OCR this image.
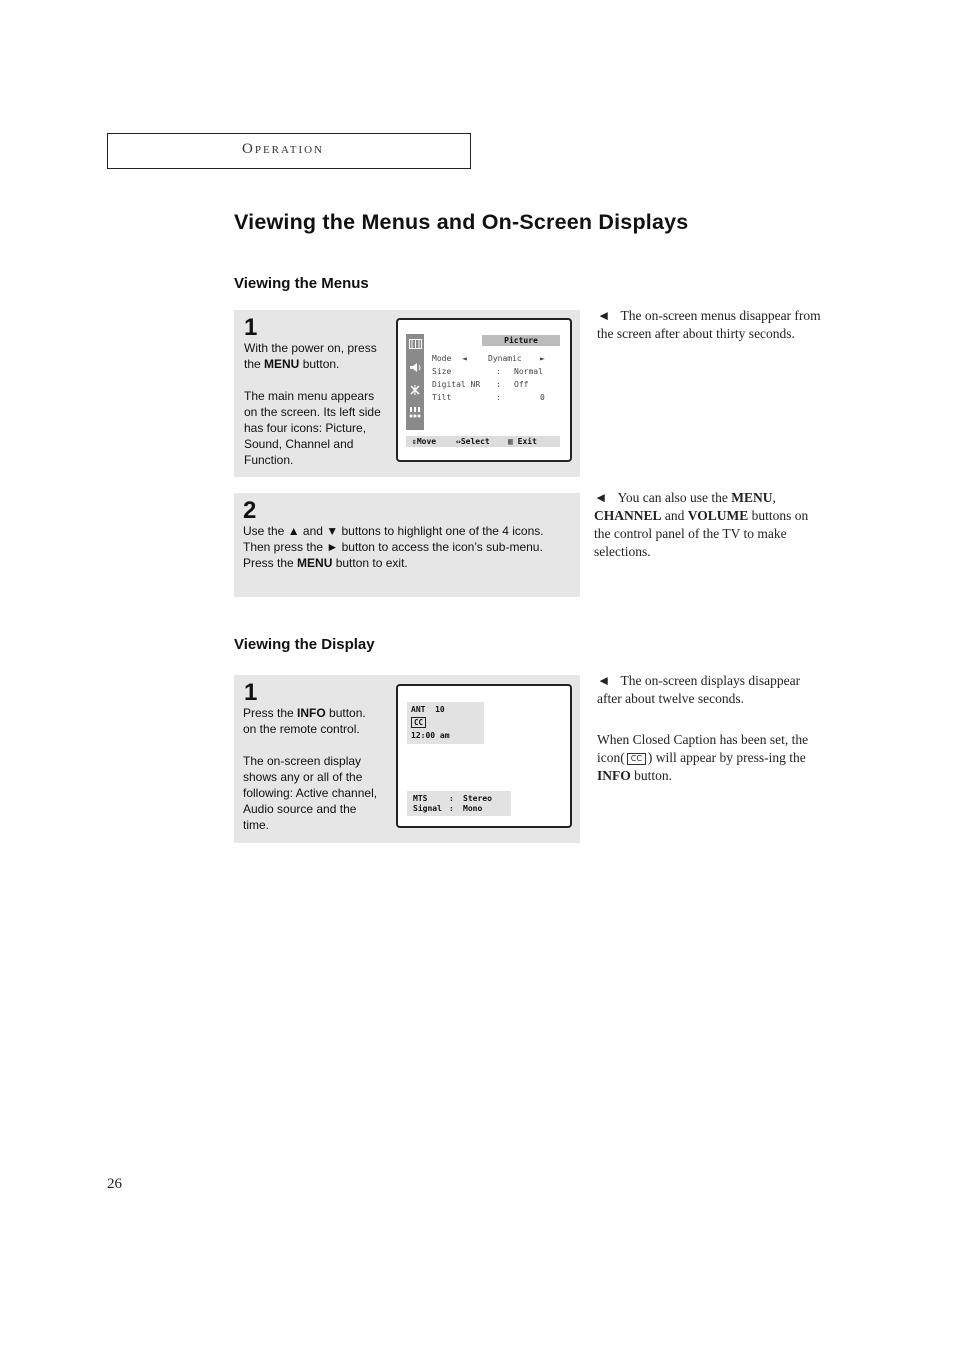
Operation
Viewing the Menus and On-Screen Displays
Viewing the Menus
1
With the power on, press the MENU button.
The main menu appears on the screen. Its left side has four icons: Picture, Sound, Channel and Function.
Picture
Mode	◄	Dynamic ►
Size	: Normal
Digital NR : Off
Tilt	:	0
⇕Move ⇔Select ▥ Exit
◄ The on-screen menus disappear from the screen after about thirty seconds.
2
Use the ▲ and ▼ buttons to highlight one of the 4 icons.
Then press the ► button to access the icon’s sub-menu.
Press the MENU button to exit.
◄ You can also use the MENU, CHANNEL and VOLUME buttons on the control panel of the TV to make selections.
Viewing the Display
1
Press the INFO button.
on the remote control.
The on-screen display shows any or all of the following: Active channel, Audio source and the time.
ANT  10
CC
12:00 am
MTS	: Stereo
Signal : Mono
◄ The on-screen displays disappear after about twelve seconds.
When Closed Caption has been set, the icon( CC ) will appear by press-ing the INFO button.
26
